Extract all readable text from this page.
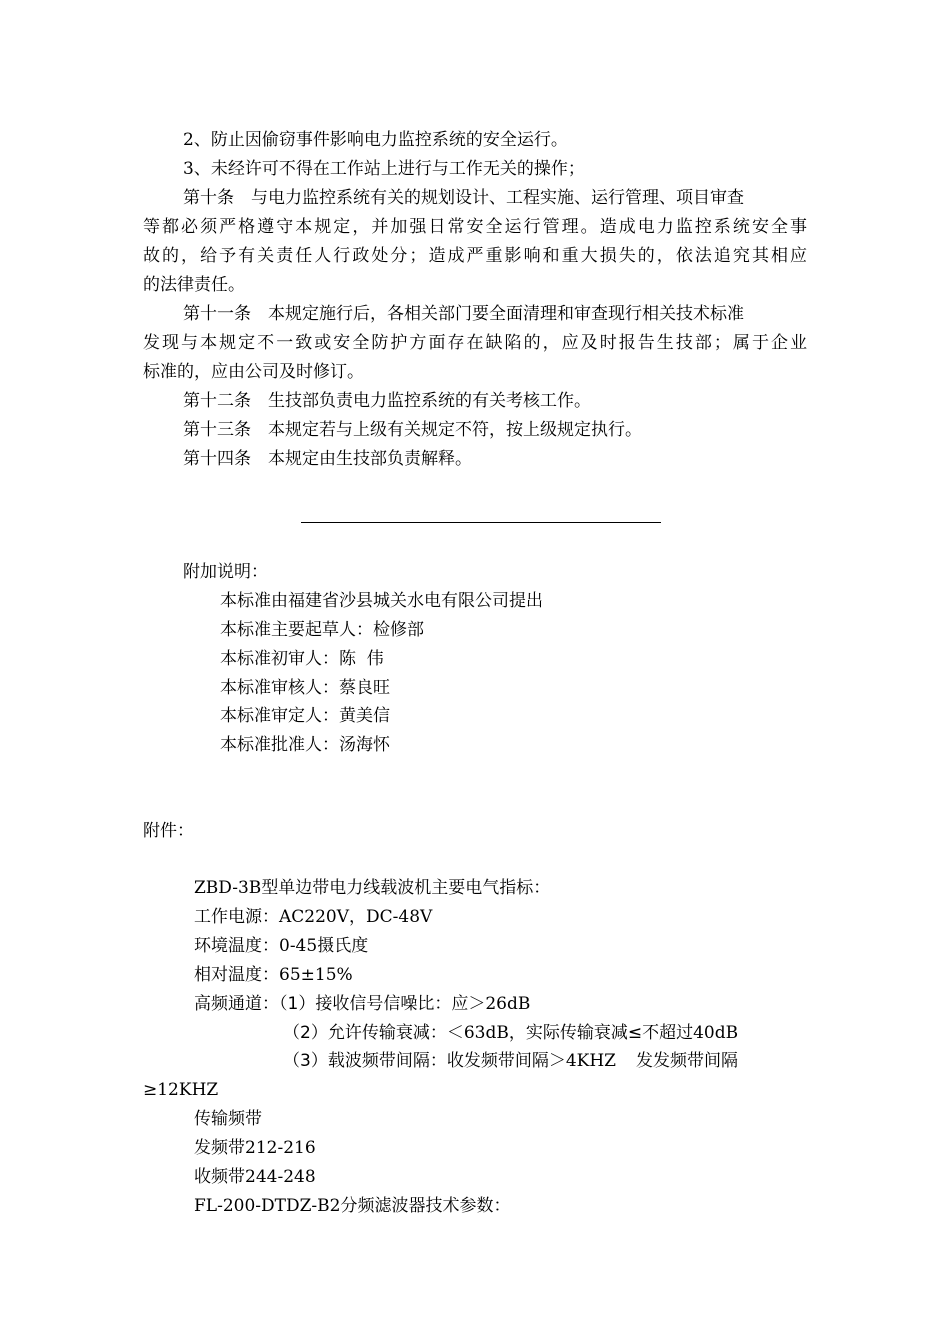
2、防止因偷窃事件影响电力监控系统的安全运行。
3、未经许可不得在工作站上进行与工作无关的操作；
第十条 与电力监控系统有关的规划设计、工程实施、运行管理、项目审查
等都必须严格遵守本规定，并加强日常安全运行管理。造成电力监控系统安全事
故的，给予有关责任人行政处分；造成严重影响和重大损失的，依法追究其相应
的法律责任。
第十一条 本规定施行后，各相关部门要全面清理和审查现行相关技术标准
发现与本规定不一致或安全防护方面存在缺陷的，应及时报告生技部；属于企业
标准的，应由公司及时修订。
第十二条 生技部负责电力监控系统的有关考核工作。
第十三条 本规定若与上级有关规定不符，按上级规定执行。
第十四条 本规定由生技部负责解释。
附加说明：
本标准由福建省沙县城关水电有限公司提出
本标准主要起草人：检修部
本标准初审人：陈  伟
本标准审核人：蔡良旺
本标准审定人：黄美信
本标准批准人：汤海怀
附件：
ZBD-3B型单边带电力线载波机主要电气指标：
工作电源：AC220V，DC-48V
环境温度：0-45摄氏度
相对温度：65±15%
高频通道：（1）接收信号信噪比：应＞26dB
（2）允许传输衰减：＜63dB，实际传输衰减≤不超过40dB
（3）载波频带间隔：收发频带间隔＞4KHZ 发发频带间隔
≥12KHZ
传输频带
发频带212-216
收频带244-248
FL-200-DTDZ-B2分频滤波器技术参数：
